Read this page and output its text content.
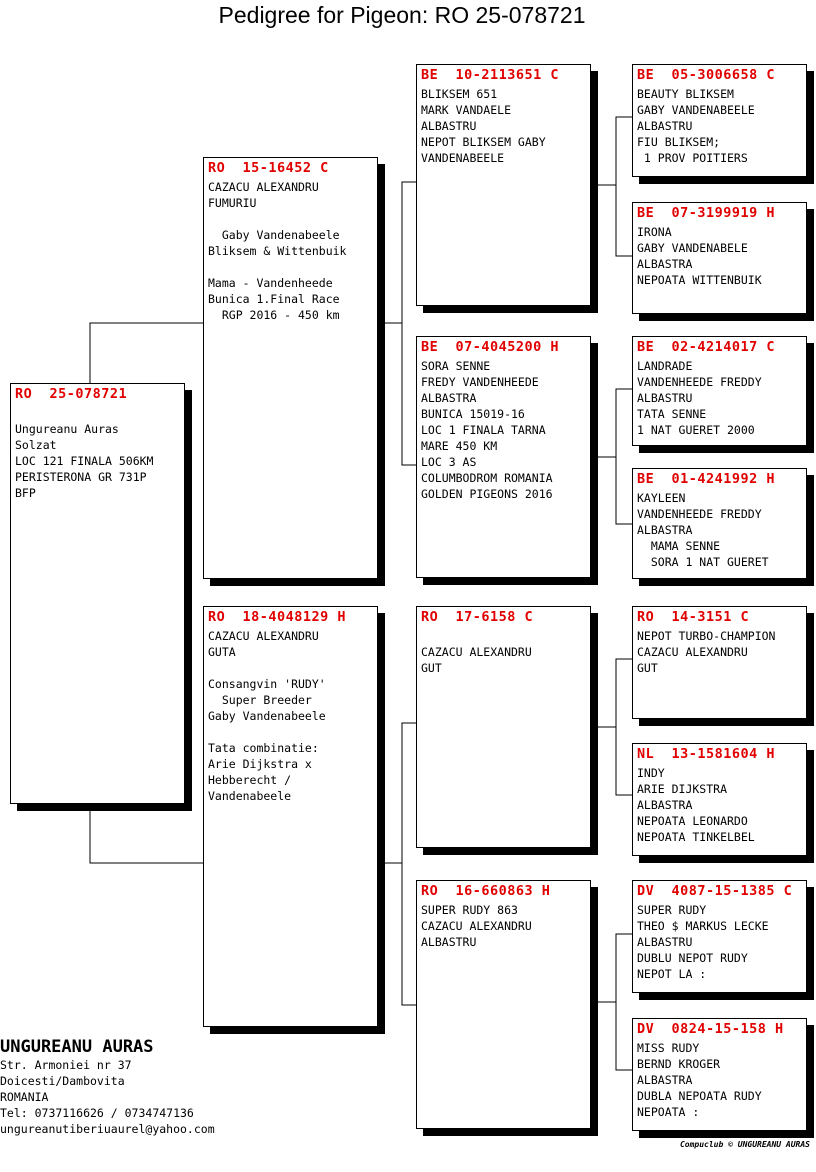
Pedigree for Pigeon: RO 25-078721
RO  25-078721
Ungureanu Auras
Solzat
LOC 121 FINALA 506KM
PERISTERONA GR 731P
BFP
RO  15-16452 C
CAZACU ALEXANDRU
FUMURIU
Gaby Vandenabeele
Bliksem & Wittenbuik
Mama - Vandenheede
Bunica 1.Final Race
RGP 2016 - 450 km
RO  18-4048129 H
CAZACU ALEXANDRU
GUTA
Consangvin 'RUDY'
Super Breeder
Gaby Vandenabeele
Tata combinatie:
Arie Dijkstra x
Hebberecht /
Vandenabeele
BE  10-2113651 C
BLIKSEM 651
MARK VANDAELE
ALBASTRU
NEPOT BLIKSEM GABY
VANDENABEELE
BE  07-4045200 H
SORA SENNE
FREDY VANDENHEEDE
ALBASTRA
BUNICA 15019-16
LOC 1 FINALA TARNA
MARE 450 KM
LOC 3 AS
COLUMBODROM ROMANIA
GOLDEN PIGEONS 2016
RO  17-6158 C
CAZACU ALEXANDRU
GUT
RO  16-660863 H
SUPER RUDY 863
CAZACU ALEXANDRU
ALBASTRU
BE  05-3006658 C
BEAUTY BLIKSEM
GABY VANDENABEELE
ALBASTRU
FIU BLIKSEM;
1 PROV POITIERS
BE  07-3199919 H
IRONA
GABY VANDENABELE
ALBASTRA
NEPOATA WITTENBUIK
BE  02-4214017 C
LANDRADE
VANDENHEEDE FREDDY
ALBASTRU
TATA SENNE
1 NAT GUERET 2000
BE  01-4241992 H
KAYLEEN
VANDENHEEDE FREDDY
ALBASTRA
MAMA SENNE
SORA 1 NAT GUERET
RO  14-3151 C
NEPOT TURBO-CHAMPION
CAZACU ALEXANDRU
GUT
NL  13-1581604 H
INDY
ARIE DIJKSTRA
ALBASTRA
NEPOATA LEONARDO
NEPOATA TINKELBEL
DV  4087-15-1385 C
SUPER RUDY
THEO $ MARKUS LECKE
ALBASTRU
DUBLU NEPOT RUDY
NEPOT LA :
DV  0824-15-158 H
MISS RUDY
BERND KROGER
ALBASTRA
DUBLA NEPOATA RUDY
NEPOATA :
UNGUREANU AURAS
Str. Armoniei nr 37
Doicesti/Dambovita
ROMANIA
Tel: 0737116626 / 0734747136
ungureanutiberiuaurel@yahoo.com
Compuclub © UNGUREANU AURAS
